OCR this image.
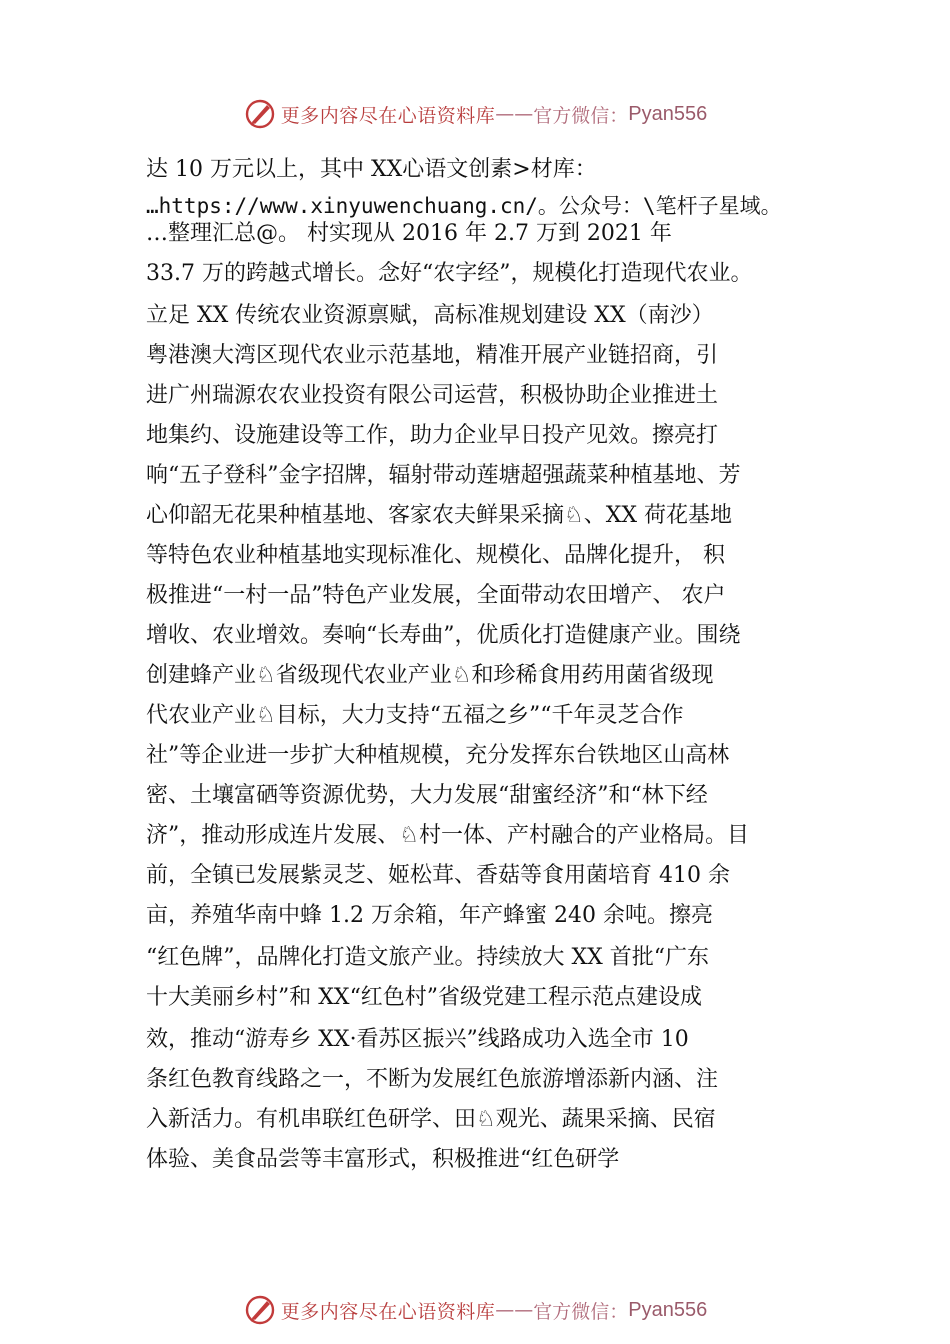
更多内容尽在心语资料库 —— 官方微信： Pyan556
达 10 万元以上，其中 XX心语文创素>材库：
…https://www.xinyuwenchuang.cn/。公众号：\笔杆子星域。
…整理汇总@。 村实现从 2016 年 2.7 万到 2021 年
33.7 万的跨越式增长。念好“农字经”，规模化打造现代农业。
立足 XX 传统农业资源禀赋，高标准规划建设 XX（南沙）
粤港澳大湾区现代农业示范基地，精准开展产业链招商，引
进广州瑞源农农业投资有限公司运营，积极协助企业推进土
地集约、设施建设等工作，助力企业早日投产见效。擦亮打
响“五子登科”金字招牌，辐射带动莲塘超强蔬菜种植基地、芳
心仰韶无花果种植基地、客家农夫鲜果采摘♘、XX 荷花基地
等特色农业种植基地实现标准化、规模化、品牌化提升， 积
极推进“一村一品”特色产业发展，全面带动农田增产、 农户
增收、农业增效。奏响“长寿曲”，优质化打造健康产业。围绕
创建蜂产业♘省级现代农业产业♘和珍稀食用药用菌省级现
代农业产业♘目标，大力支持“五福之乡”“千年灵芝合作
社”等企业进一步扩大种植规模，充分发挥东台铁地区山高林
密、土壤富硒等资源优势，大力发展“甜蜜经济”和“林下经
济”，推动形成连片发展、♘村一体、产村融合的产业格局。目
前，全镇已发展紫灵芝、姬松茸、香菇等食用菌培育 410 余
亩，养殖华南中蜂 1.2 万余箱，年产蜂蜜 240 余吨。擦亮
“红色牌”，品牌化打造文旅产业。持续放大 XX 首批“广东
十大美丽乡村”和 XX“红色村”省级党建工程示范点建设成
效，推动“游寿乡 XX·看苏区振兴”线路成功入选全市 10
条红色教育线路之一，不断为发展红色旅游增添新内涵、注
入新活力。有机串联红色研学、田♘观光、蔬果采摘、民宿
体验、美食品尝等丰富形式，积极推进“红色研学
更多内容尽在心语资料库 —— 官方微信： Pyan556
